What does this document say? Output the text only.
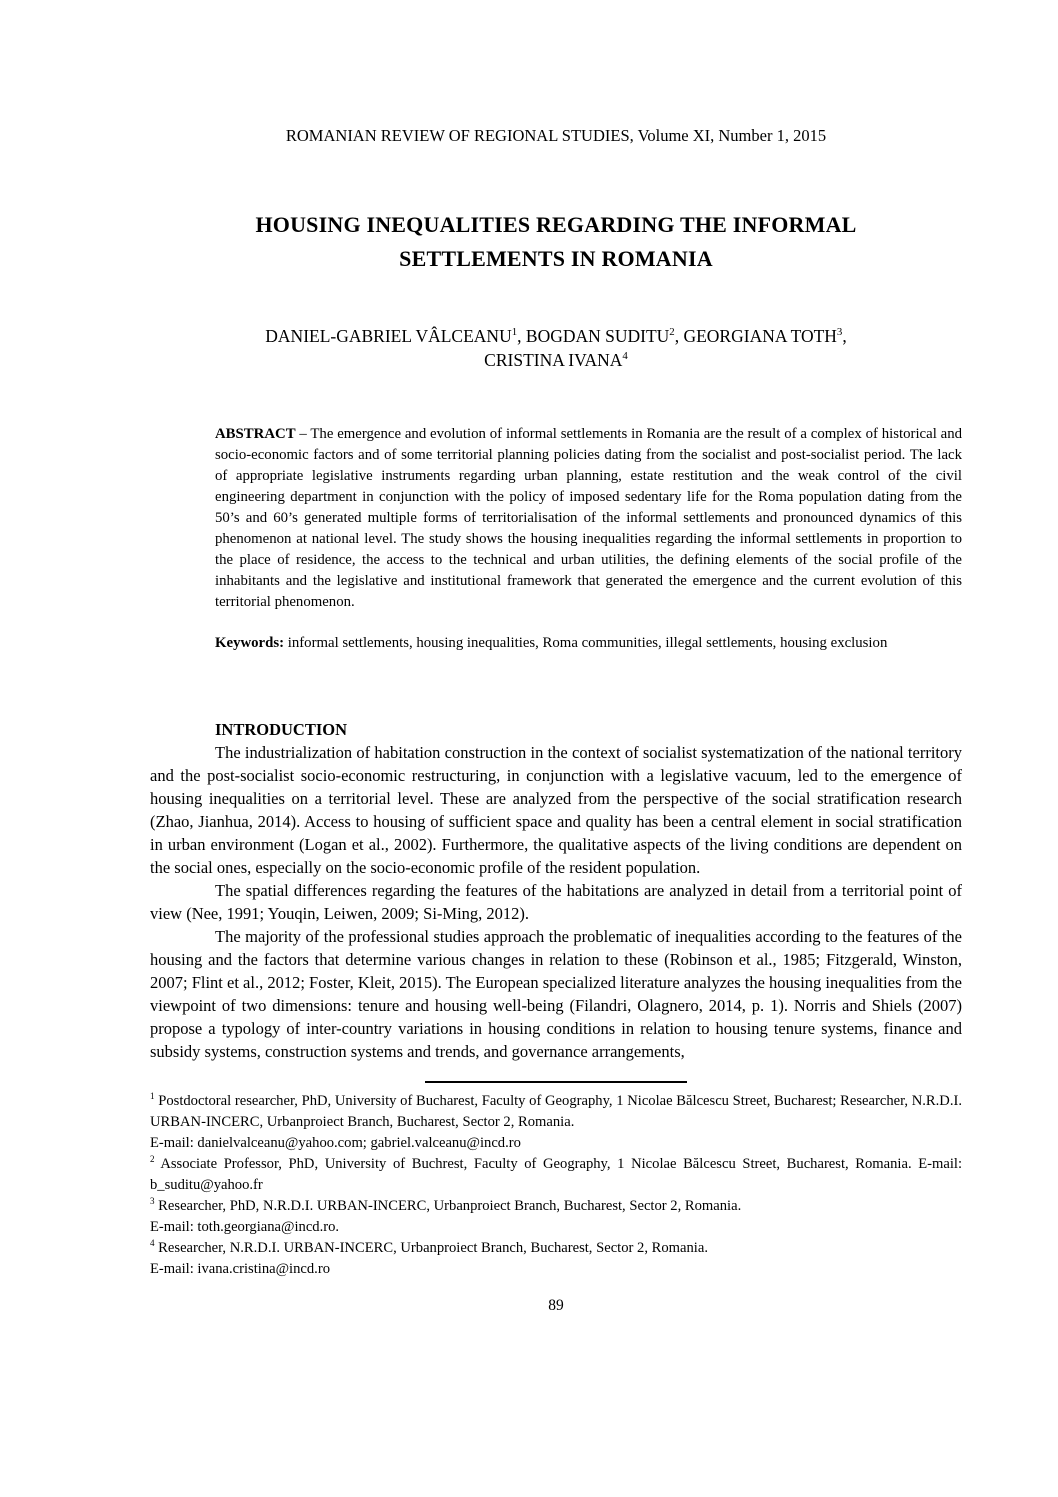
ROMANIAN REVIEW OF REGIONAL STUDIES, Volume XI, Number 1, 2015
HOUSING INEQUALITIES REGARDING THE INFORMAL
SETTLEMENTS IN ROMANIA
DANIEL-GABRIEL VÂLCEANU$^1$, BOGDAN SUDITU$^2$, GEORGIANA TOTH$^3$,
CRISTINA IVANA$^4$
ABSTRACT – The emergence and evolution of informal settlements in Romania are the result of a complex of historical and socio-economic factors and of some territorial planning policies dating from the socialist and post-socialist period. The lack of appropriate legislative instruments regarding urban planning, estate restitution and the weak control of the civil engineering department in conjunction with the policy of imposed sedentary life for the Roma population dating from the 50’s and 60’s generated multiple forms of territorialisation of the informal settlements and pronounced dynamics of this phenomenon at national level. The study shows the housing inequalities regarding the informal settlements in proportion to the place of residence, the access to the technical and urban utilities, the defining elements of the social profile of the inhabitants and the legislative and institutional framework that generated the emergence and the current evolution of this territorial phenomenon.
Keywords: informal settlements, housing inequalities, Roma communities, illegal settlements, housing exclusion
INTRODUCTION

The industrialization of habitation construction in the context of socialist systematization of the national territory and the post-socialist socio-economic restructuring, in conjunction with a legislative vacuum, led to the emergence of housing inequalities on a territorial level. These are analyzed from the perspective of the social stratification research (Zhao, Jianhua, 2014). Access to housing of sufficient space and quality has been a central element in social stratification in urban environment (Logan et al., 2002). Furthermore, the qualitative aspects of the living conditions are dependent on the social ones, especially on the socio-economic profile of the resident population.

The spatial differences regarding the features of the habitations are analyzed in detail from a territorial point of view (Nee, 1991; Youqin, Leiwen, 2009; Si-Ming, 2012).

The majority of the professional studies approach the problematic of inequalities according to the features of the housing and the factors that determine various changes in relation to these (Robinson et al., 1985; Fitzgerald, Winston, 2007; Flint et al., 2012; Foster, Kleit, 2015). The European specialized literature analyzes the housing inequalities from the viewpoint of two dimensions: tenure and housing well-being (Filandri, Olagnero, 2014, p. 1). Norris and Shiels (2007) propose a typology of inter-country variations in housing conditions in relation to housing tenure systems, finance and subsidy systems, construction systems and trends, and governance arrangements,

$^1$ Postdoctoral researcher, PhD, University of Bucharest, Faculty of Geography, 1 Nicolae Bălcescu Street, Bucharest; Researcher, N.R.D.I. URBAN-INCERC, Urbanproiect Branch, Bucharest, Sector 2, Romania.
E-mail: danielvalceanu@yahoo.com; gabriel.valceanu@incd.ro
$^2$ Associate Professor, PhD, University of Buchrest, Faculty of Geography, 1 Nicolae Bălcescu Street, Bucharest, Romania. E-mail: b_suditu@yahoo.fr
$^3$ Researcher, PhD, N.R.D.I. URBAN-INCERC, Urbanproiect Branch, Bucharest, Sector 2, Romania.
E-mail: toth.georgiana@incd.ro.
$^4$ Researcher, N.R.D.I. URBAN-INCERC, Urbanproiect Branch, Bucharest, Sector 2, Romania.
E-mail: ivana.cristina@incd.ro
89
